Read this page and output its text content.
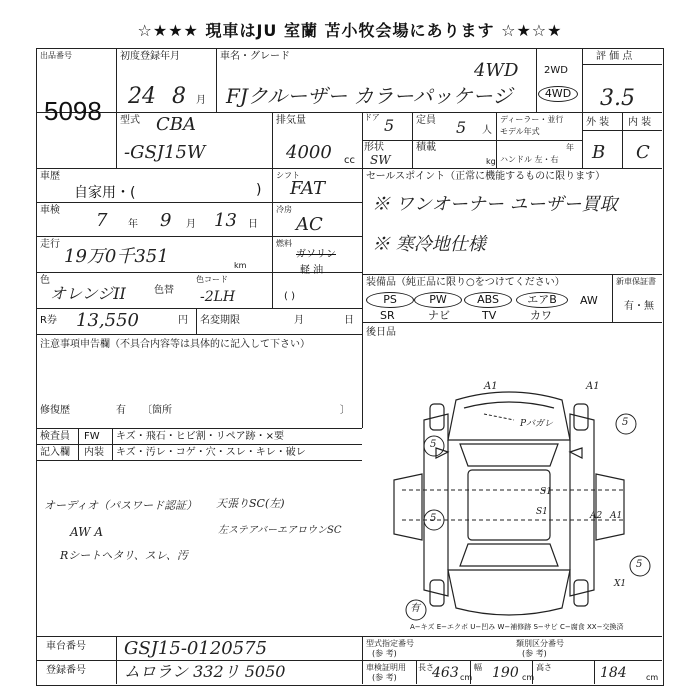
☆★★★ 現車はJU 室蘭 苫小牧会場にあります ☆★☆★
出品番号
5098
初度登録年月
24 8 月
車名・グレード
4WD
FJクルーザー カラーパッケージ
2WD
4WD
評 価 点
3.5
型式 CBA
-GSJ15W
排気量
4000 cc
ドア 5 定員 5 人
ディーラー・並行
モデル年式
年
ハンドル 左・右
外 装 内 装
B C
形状
SW
積載
kg
車歴
自家用・(	)
シフト
FAT
車検 7 年 9 月 13 日
冷房
AC
走行
19万0千351	km
燃料
ガソリン
軽 油
( )
色
オレンジII	色替
色コード
-2LH
R券 13,550	円 名変期限	月	日
注意事項申告欄（不具合内容等は具体的に記入して下さい）
修復歴	有 〔箇所	〕
セールスポイント（正常に機能するものに限ります）
※ ワンオーナー ユーザー買取
※ 寒冷地仕様
装備品（純正品に限り○をつけてください）	新車保証書
有・無
PS	PW	ABS	エアB	AW
SR	ナビ	TV	カワ
後日品
検査員
記入欄
FW キズ・飛石・ヒビ割・リペア跡・×要
内装 キズ・汚レ・コゲ・穴・スレ・キレ・破レ
オーディオ（パスワード認証）
AW A
Rシートヘタリ、スレ、汚
天張りSC(左)
左ステアバーエアロウンSC
A1	A1
Pバガレ
S1
S1	A2 A1
X1
5
5
5
5
有
A−キズ E−エクボ U−凹み W−補修跡 S−サビ C−腐食 XX−交換済
車台番号 GSJ15-0120575
登録番号 ムロラン 332リ 5050
型式指定番号
(参 考)
類別区分番号
(参 考)
車検証明用
(参 考)
長さ
463 cm
幅 190 cm
高さ	184 cm
